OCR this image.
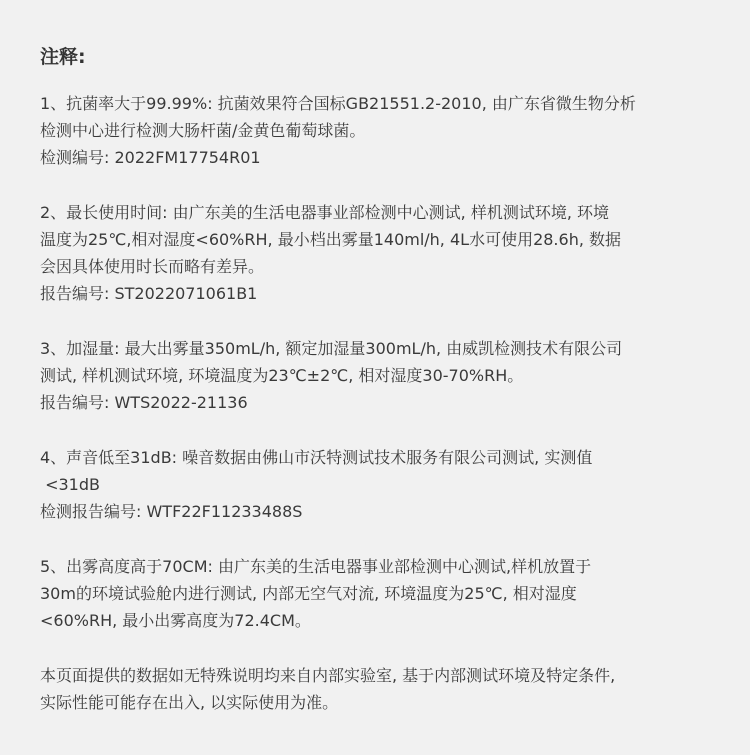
注释:

1、抗菌率大于99.99%: 抗菌效果符合国标GB21551.2-2010, 由广东省微生物分析

检测中心进行检测大肠杆菌/金黄色葡萄球菌。

检测编号: 2022FM17754R01

2、最长使用时间: 由广东美的生活电器事业部检测中心测试, 样机测试环境, 环境

温度为25℃,相对湿度<60%RH, 最小档出雾量140ml/h, 4L水可使用28.6h, 数据

会因具体使用时长而略有差异。

报告编号: ST2022071061B1

3、加湿量: 最大出雾量350mL/h, 额定加湿量300mL/h, 由威凯检测技术有限公司

测试, 样机测试环境, 环境温度为23℃±2℃, 相对湿度30-70%RH。

报告编号: WTS2022-21136

4、声音低至31dB: 噪音数据由佛山市沃特测试技术服务有限公司测试, 实测值

<31dB

检测报告编号: WTF22F11233488S

5、出雾高度高于70CM: 由广东美的生活电器事业部检测中心测试,样机放置于

30m的环境试验舱内进行测试, 内部无空气对流, 环境温度为25℃, 相对湿度

<60%RH, 最小出雾高度为72.4CM。

本页面提供的数据如无特殊说明均来自内部实验室, 基于内部测试环境及特定条件,

实际性能可能存在出入, 以实际使用为准。
